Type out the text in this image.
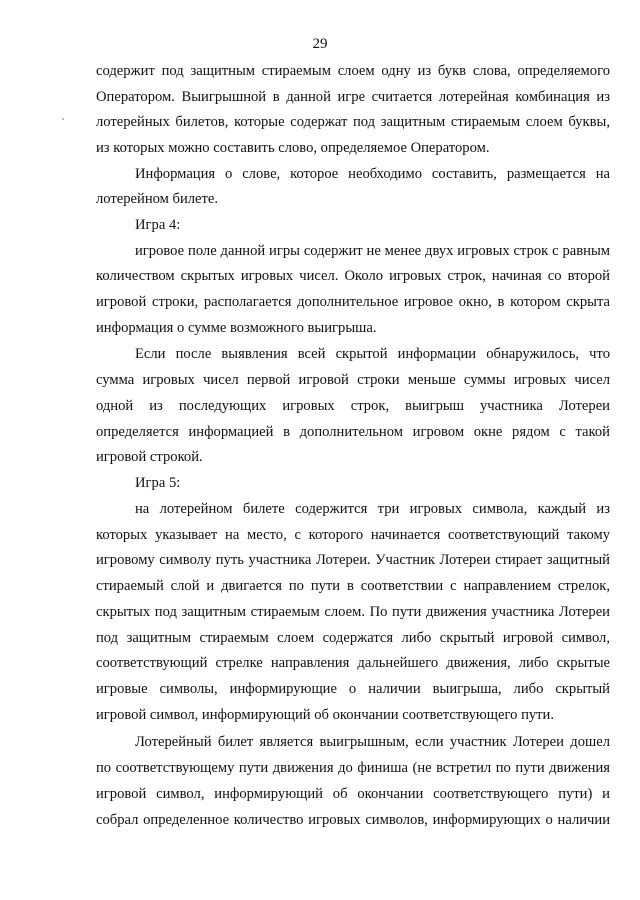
29
содержит под защитным стираемым слоем одну из букв слова, определяемого
Оператором. Выигрышной в данной игре считается лотерейная комбинация из
лотерейных билетов, которые содержат под защитным стираемым слоем буквы,
из которых можно составить слово, определяемое Оператором.
Информация о слове, которое необходимо составить, размещается на
лотерейном билете.
Игра 4:
игровое поле данной игры содержит не менее двух игровых строк с равным
количеством скрытых игровых чисел. Около игровых строк, начиная со второй
игровой строки, располагается дополнительное игровое окно, в котором скрыта
информация о сумме возможного выигрыша.
Если после выявления всей скрытой информации обнаружилось, что
сумма игровых чисел первой игровой строки меньше суммы игровых чисел
одной из последующих игровых строк, выигрыш участника Лотереи
определяется информацией в дополнительном игровом окне рядом с такой
игровой строкой.
Игра 5:
на лотерейном билете содержится три игровых символа, каждый из
которых указывает на место, с которого начинается соответствующий такому
игровому символу путь участника Лотереи. Участник Лотереи стирает защитный
стираемый слой и двигается по пути в соответствии с направлением стрелок,
скрытых под защитным стираемым слоем. По пути движения участника Лотереи
под защитным стираемым слоем содержатся либо скрытый игровой символ,
соответствующий стрелке направления дальнейшего движения, либо скрытые
игровые символы, информирующие о наличии выигрыша, либо скрытый
игровой символ, информирующий об окончании соответствующего пути.
Лотерейный билет является выигрышным, если участник Лотереи дошел
по соответствующему пути движения до финиша (не встретил по пути движения
игровой символ, информирующий об окончании соответствующего пути) и
собрал определенное количество игровых символов, информирующих о наличии
